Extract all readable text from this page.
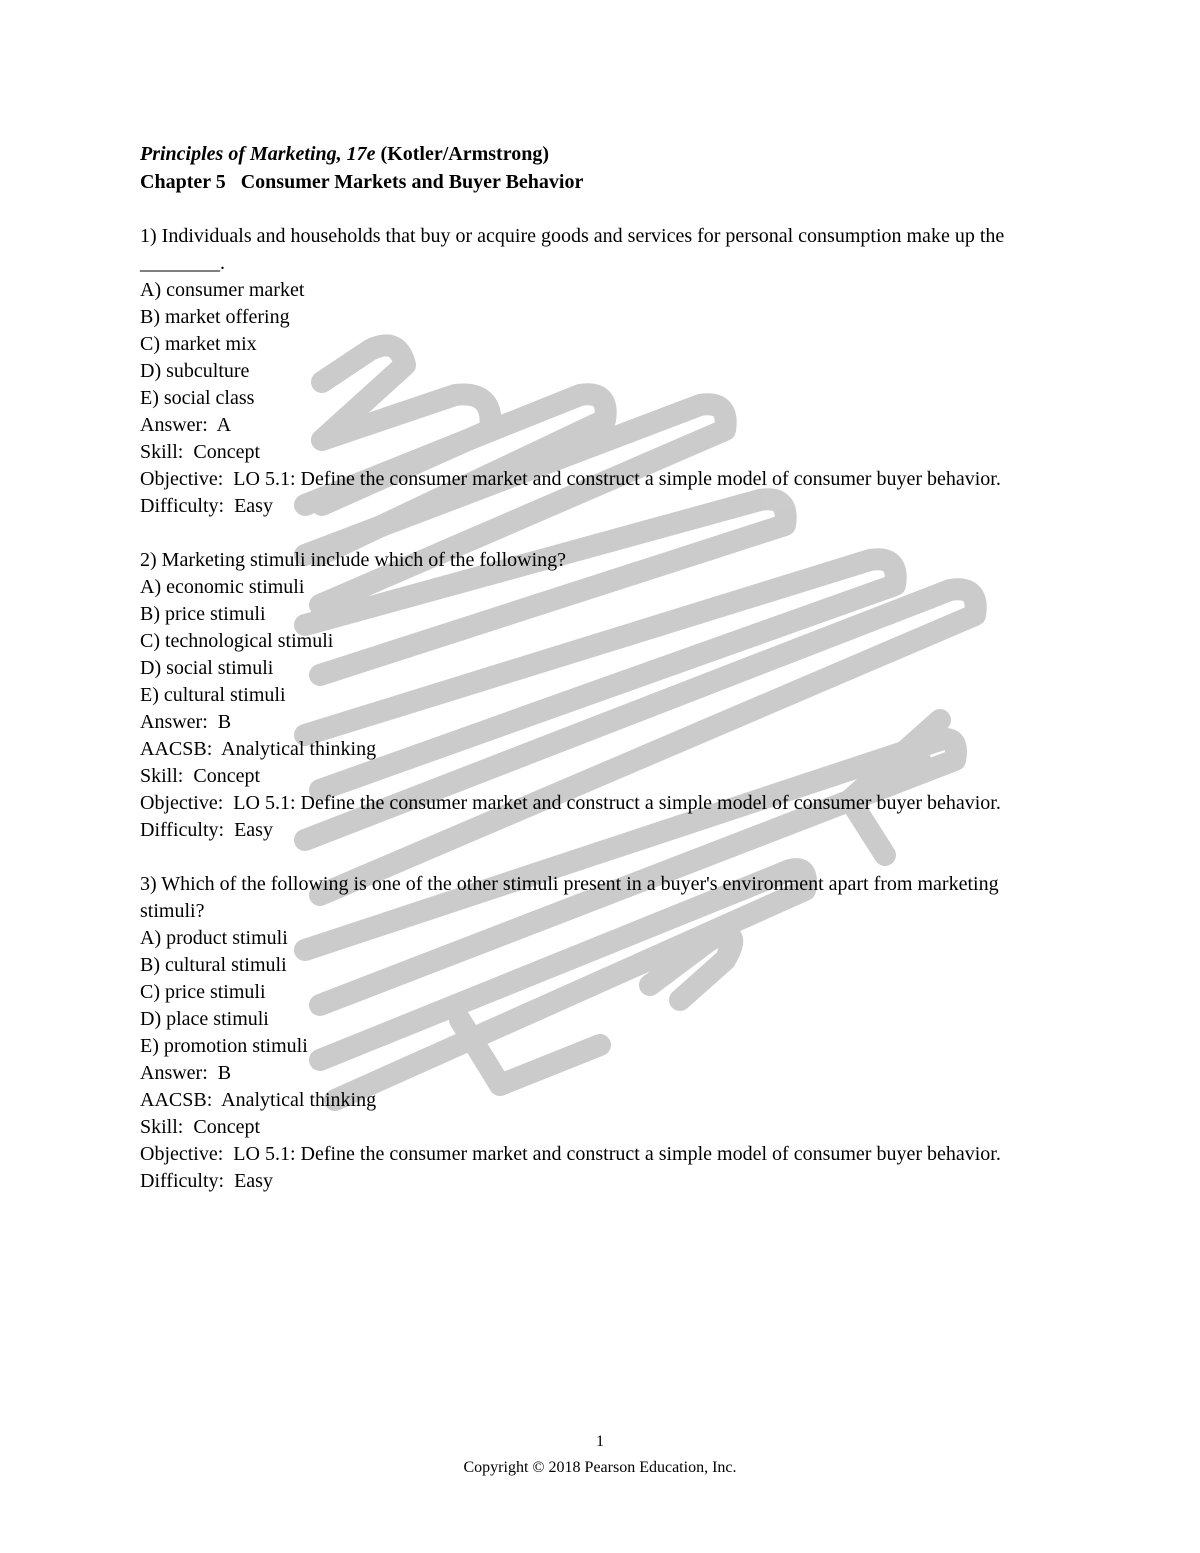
Principles of Marketing, 17e (Kotler/Armstrong)
Chapter 5   Consumer Markets and Buyer Behavior
1) Individuals and households that buy or acquire goods and services for personal consumption make up the ________.
A) consumer market
B) market offering
C) market mix
D) subculture
E) social class
Answer:  A
Skill:  Concept
Objective:  LO 5.1: Define the consumer market and construct a simple model of consumer buyer behavior.
Difficulty:  Easy
2) Marketing stimuli include which of the following?
A) economic stimuli
B) price stimuli
C) technological stimuli
D) social stimuli
E) cultural stimuli
Answer:  B
AACSB:  Analytical thinking
Skill:  Concept
Objective:  LO 5.1: Define the consumer market and construct a simple model of consumer buyer behavior.
Difficulty:  Easy
3) Which of the following is one of the other stimuli present in a buyer's environment apart from marketing stimuli?
A) product stimuli
B) cultural stimuli
C) price stimuli
D) place stimuli
E) promotion stimuli
Answer:  B
AACSB:  Analytical thinking
Skill:  Concept
Objective:  LO 5.1: Define the consumer market and construct a simple model of consumer buyer behavior.
Difficulty:  Easy
1
Copyright © 2018 Pearson Education, Inc.
